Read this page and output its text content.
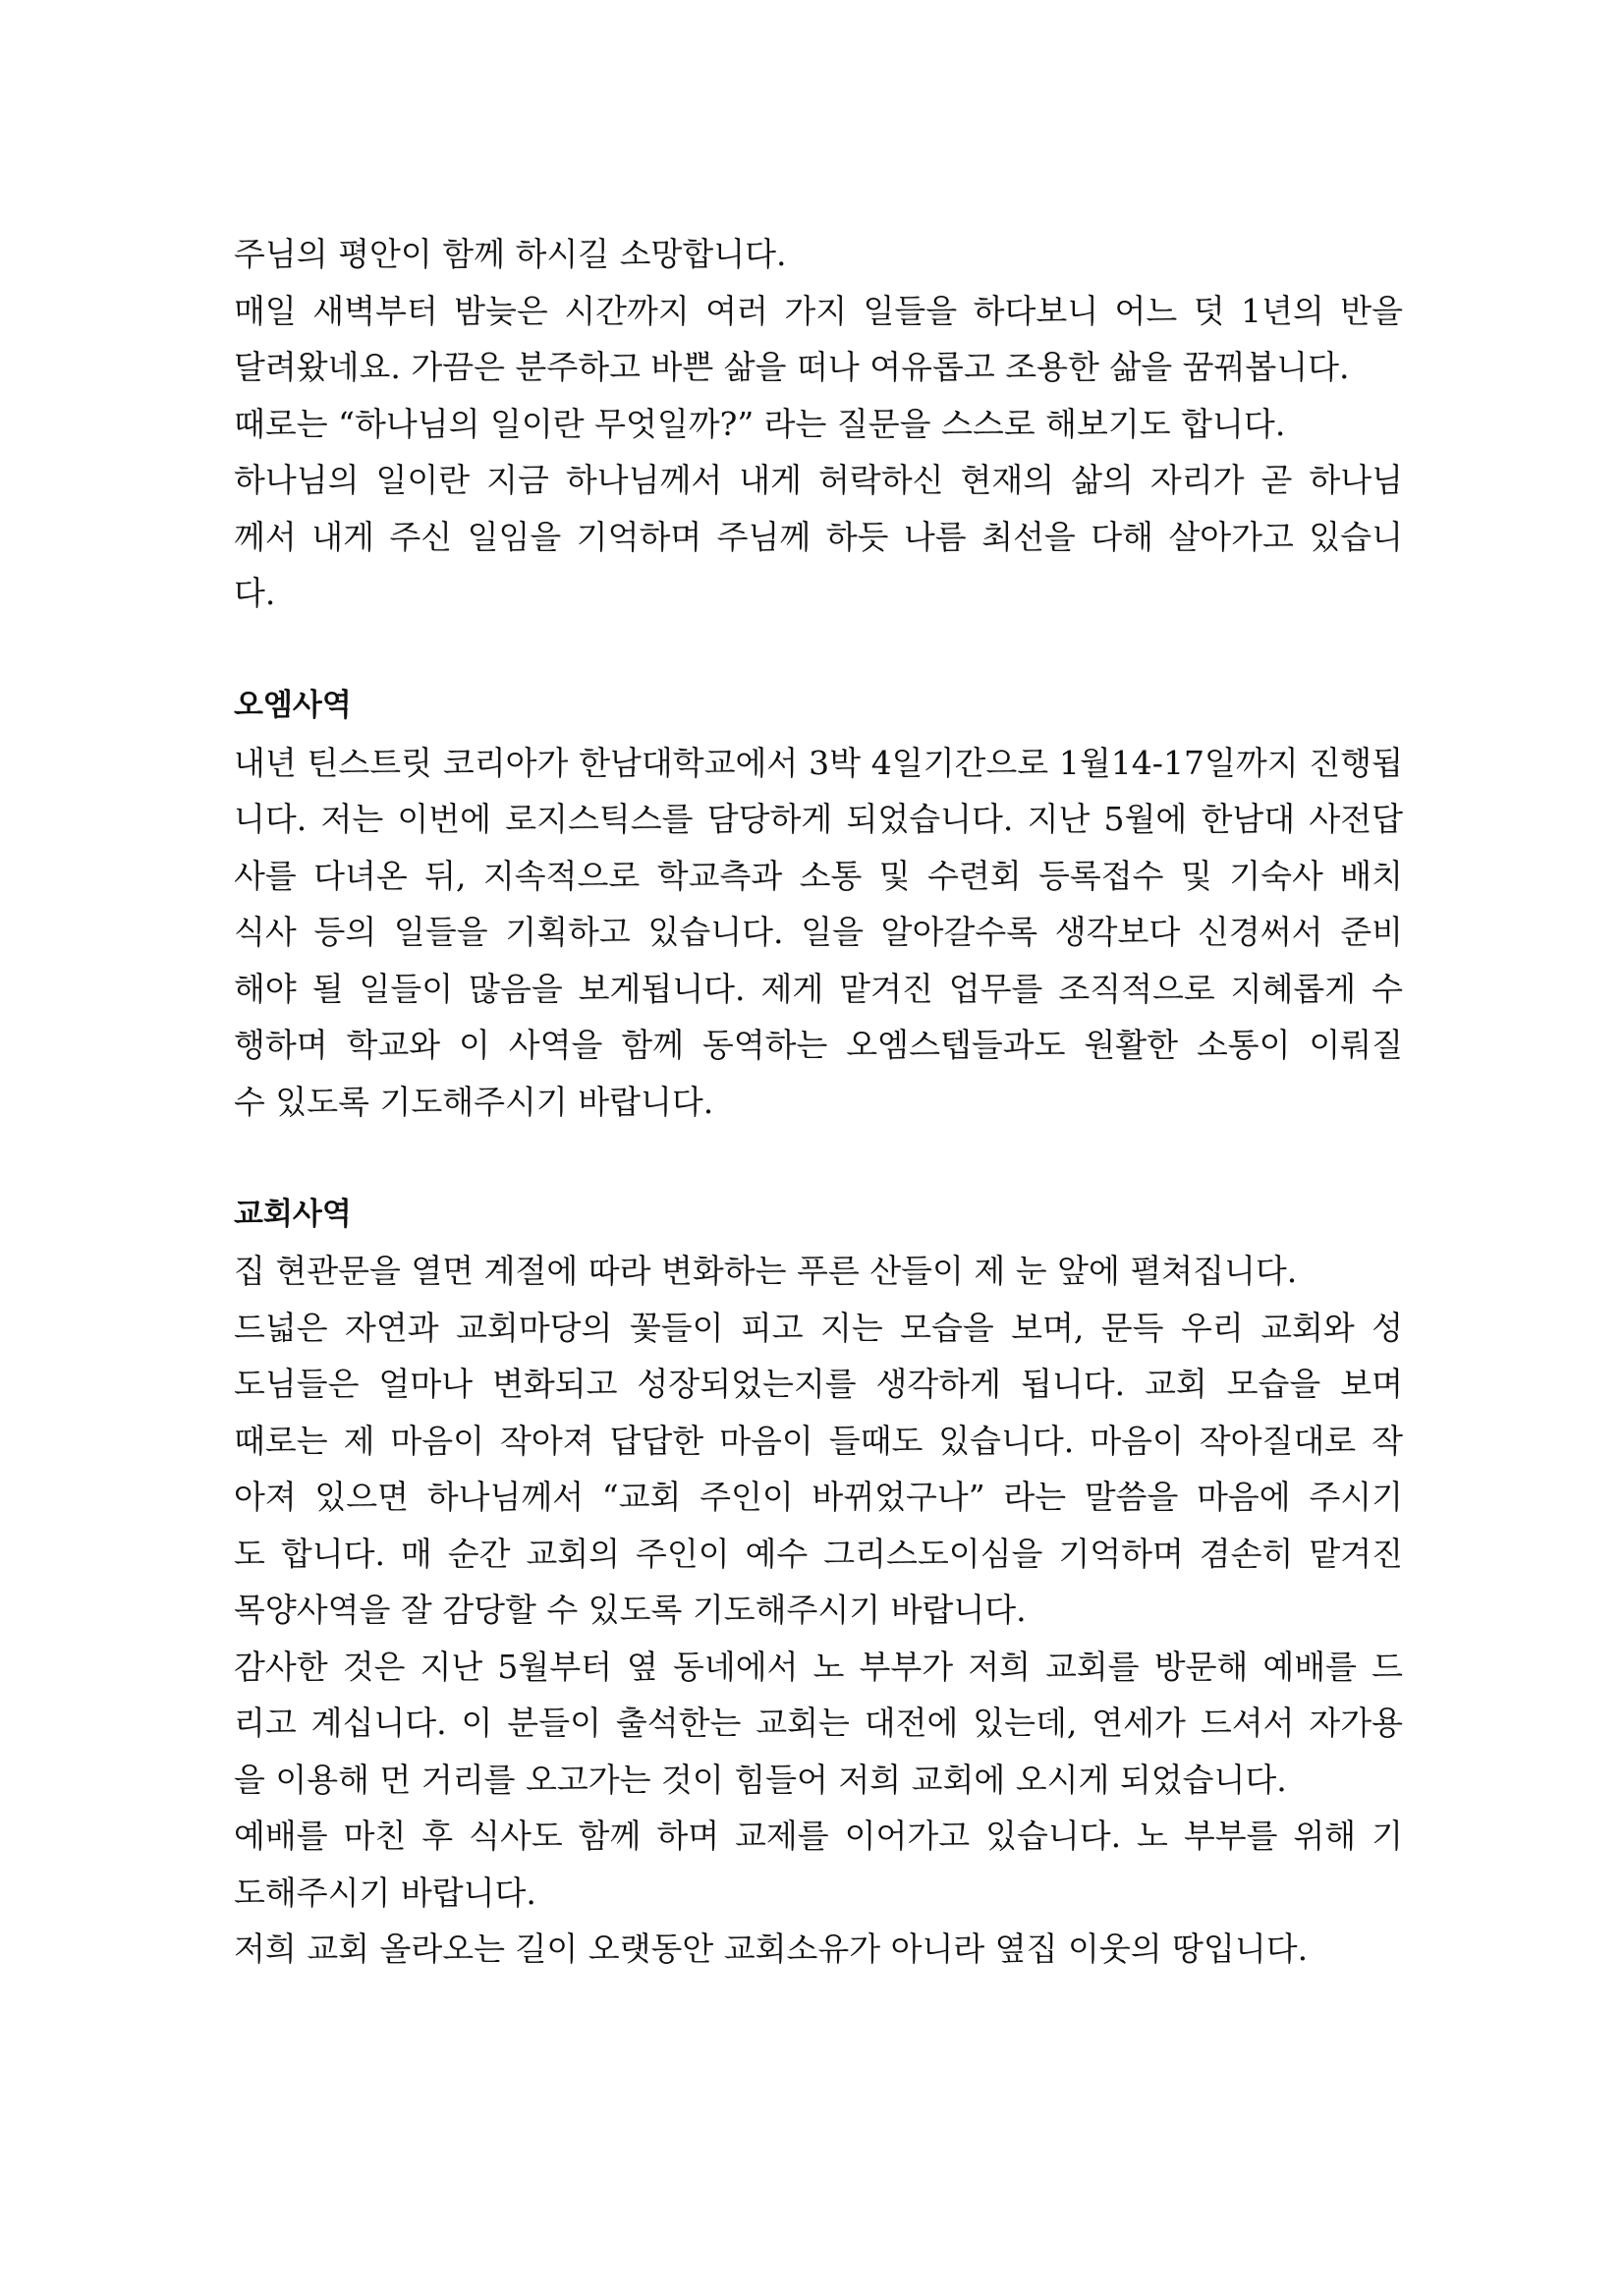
주님의 평안이 함께 하시길 소망합니다.
매일 새벽부터 밤늦은 시간까지 여러 가지 일들을 하다보니 어느 덧 1년의 반을
달려왔네요. 가끔은 분주하고 바쁜 삶을 떠나 여유롭고 조용한 삶을 꿈꿔봅니다.
때로는 “하나님의 일이란 무엇일까?” 라는 질문을 스스로 해보기도 합니다.
하나님의 일이란 지금 하나님께서 내게 허락하신 현재의 삶의 자리가 곧 하나님
께서 내게 주신 일임을 기억하며 주님께 하듯 나름 최선을 다해 살아가고 있습니
다.
오엠사역
내년 틴스트릿 코리아가 한남대학교에서 3박 4일기간으로 1월14-17일까지 진행됩
니다. 저는 이번에 로지스틱스를 담당하게 되었습니다. 지난 5월에 한남대 사전답
사를 다녀온 뒤, 지속적으로 학교측과 소통 및 수련회 등록접수 및 기숙사 배치
식사 등의 일들을 기획하고 있습니다. 일을 알아갈수록 생각보다 신경써서 준비
해야 될 일들이 많음을 보게됩니다. 제게 맡겨진 업무를 조직적으로 지혜롭게 수
행하며 학교와 이 사역을 함께 동역하는 오엠스텝들과도 원활한 소통이 이뤄질
수 있도록 기도해주시기 바랍니다.
교회사역
집 현관문을 열면 계절에 따라 변화하는 푸른 산들이 제 눈 앞에 펼쳐집니다.
드넓은 자연과 교회마당의 꽃들이 피고 지는 모습을 보며, 문득 우리 교회와 성
도님들은 얼마나 변화되고 성장되었는지를 생각하게 됩니다. 교회 모습을 보며
때로는 제 마음이 작아져 답답한 마음이 들때도 있습니다. 마음이 작아질대로 작
아져 있으면 하나님께서 “교회 주인이 바뀌었구나” 라는 말씀을 마음에 주시기
도 합니다. 매 순간 교회의 주인이 예수 그리스도이심을 기억하며 겸손히 맡겨진
목양사역을 잘 감당할 수 있도록 기도해주시기 바랍니다.
감사한 것은 지난 5월부터 옆 동네에서 노 부부가 저희 교회를 방문해 예배를 드
리고 계십니다. 이 분들이 출석한는 교회는 대전에 있는데, 연세가 드셔서 자가용
을 이용해 먼 거리를 오고가는 것이 힘들어 저희 교회에 오시게 되었습니다.
예배를 마친 후 식사도 함께 하며 교제를 이어가고 있습니다. 노 부부를 위해 기
도해주시기 바랍니다.
저희 교회 올라오는 길이 오랫동안 교회소유가 아니라 옆집 이웃의 땅입니다.
